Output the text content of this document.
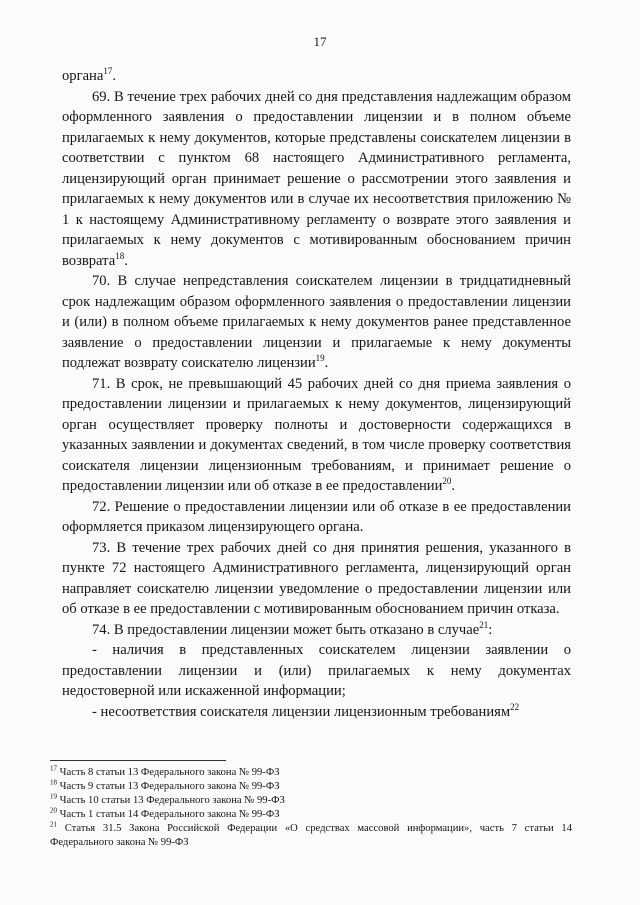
17

органа$^{17}$.

69. В течение трех рабочих дней со дня представления надлежащим образом оформленного заявления о предоставлении лицензии и в полном объеме прилагаемых к нему документов, которые представлены соискателем лицензии в соответствии с пунктом 68 настоящего Административного регламента, лицензирующий орган принимает решение о рассмотрении этого заявления и прилагаемых к нему документов или в случае их несоответствия приложению № 1 к настоящему Административному регламенту о возврате этого заявления и прилагаемых к нему документов с мотивированным обоснованием причин возврата$^{18}$.

70. В случае непредставления соискателем лицензии в тридцатидневный срок надлежащим образом оформленного заявления о предоставлении лицензии и (или) в полном объеме прилагаемых к нему документов ранее представленное заявление о предоставлении лицензии и прилагаемые к нему документы подлежат возврату соискателю лицензии$^{19}$.

71. В срок, не превышающий 45 рабочих дней со дня приема заявления о предоставлении лицензии и прилагаемых к нему документов, лицензирующий орган осуществляет проверку полноты и достоверности содержащихся в указанных заявлении и документах сведений, в том числе проверку соответствия соискателя лицензии лицензионным требованиям, и принимает решение о предоставлении лицензии или об отказе в ее предоставлении$^{20}$.

72. Решение о предоставлении лицензии или об отказе в ее предоставлении оформляется приказом лицензирующего органа.

73. В течение трех рабочих дней со дня принятия решения, указанного в пункте 72 настоящего Административного регламента, лицензирующий орган направляет соискателю лицензии уведомление о предоставлении лицензии или об отказе в ее предоставлении с мотивированным обоснованием причин отказа.

74. В предоставлении лицензии может быть отказано в случае$^{21}$:

- наличия в представленных соискателем лицензии заявлении о предоставлении лицензии и (или) прилагаемых к нему документах недостоверной или искаженной информации;

- несоответствия соискателя лицензии лицензионным требованиям$^{22}$

$^{17}$ Часть 8 статьи 13 Федерального закона № 99-ФЗ

$^{18}$ Часть 9 статьи 13 Федерального закона № 99-ФЗ

$^{19}$ Часть 10 статьи 13 Федерального закона № 99-ФЗ

$^{20}$ Часть 1 статьи 14 Федерального закона № 99-ФЗ

$^{21}$ Статья 31.5 Закона Российской Федерации «О средствах массовой информации», часть 7 статьи 14 Федерального закона № 99-ФЗ
